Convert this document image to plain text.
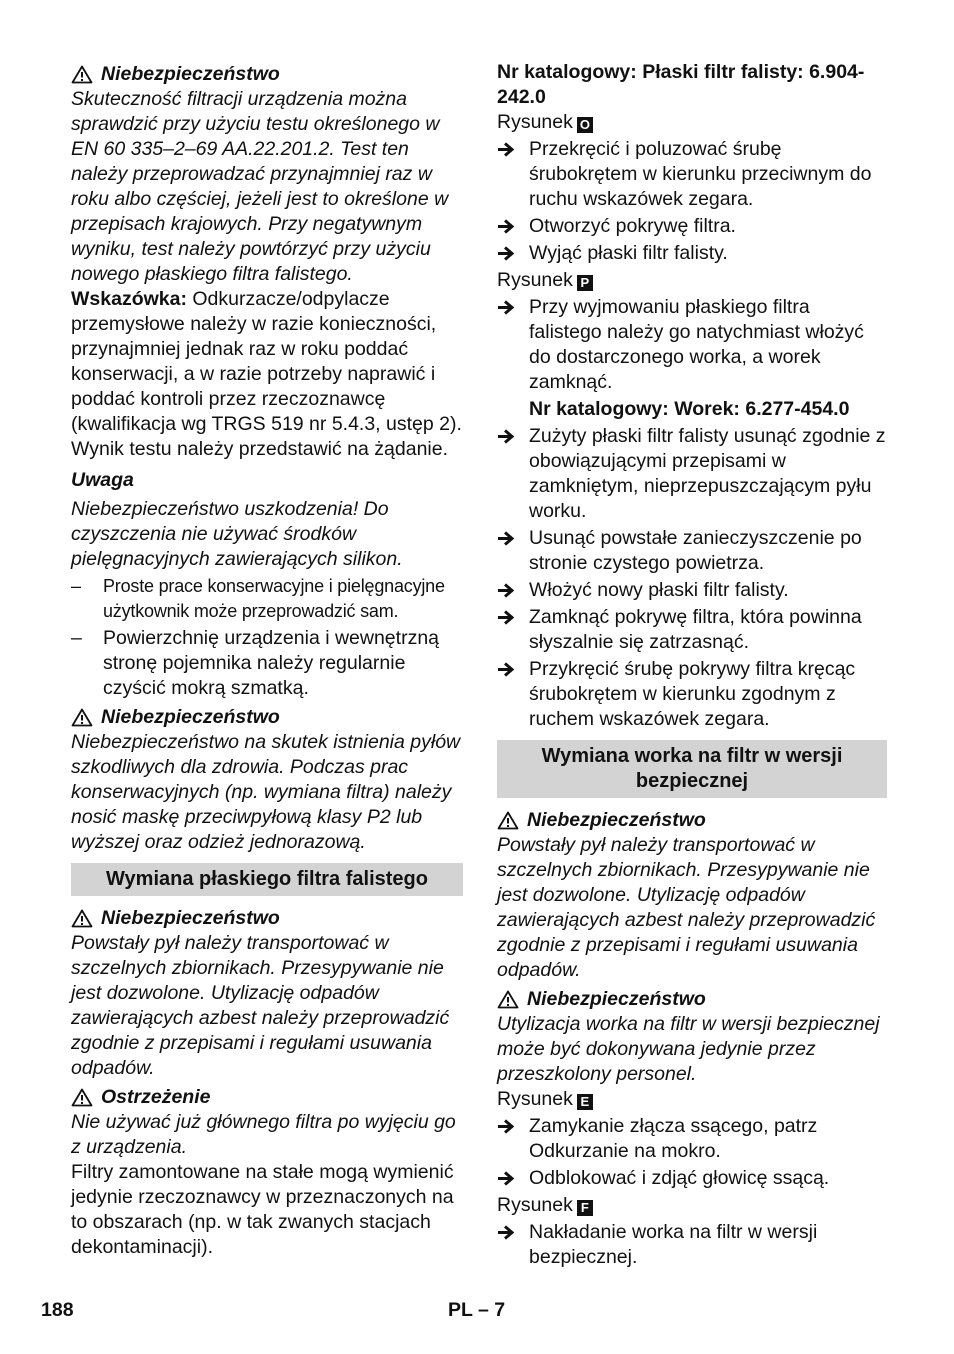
Niebezpieczeństwo

Skuteczność filtracji urządzenia można sprawdzić przy użyciu testu określonego w EN 60 335–2–69 AA.22.201.2. Test ten należy przeprowadzać przynajmniej raz w roku albo częściej, jeżeli jest to określone w przepisach krajowych. Przy negatywnym wyniku, test należy powtórzyć przy użyciu nowego płaskiego filtra falistego.

Wskazówka: Odkurzacze/odpylacze przemysłowe należy w razie konieczności, przynajmniej jednak raz w roku poddać konserwacji, a w razie potrzeby naprawić i poddać kontroli przez rzeczoznawcę (kwalifikacja wg TRGS 519 nr 5.4.3, ustęp 2). Wynik testu należy przedstawić na żądanie.

Uwaga

Niebezpieczeństwo uszkodzenia! Do czyszczenia nie używać środków pielęgnacyjnych zawierających silikon.

– Proste prace konserwacyjne i pielęgnacyjne użytkownik może przeprowadzić sam.
– Powierzchnię urządzenia i wewnętrzną stronę pojemnika należy regularnie czyścić mokrą szmatką.
Niebezpieczeństwo

Niebezpieczeństwo na skutek istnienia pyłów szkodliwych dla zdrowia. Podczas prac konserwacyjnych (np. wymiana filtra) należy nosić maskę przeciwpyłową klasy P2 lub wyższej oraz odzież jednorazową.

Wymiana płaskiego filtra falistego
Niebezpieczeństwo

Powstały pył należy transportować w szczelnych zbiornikach. Przesypywanie nie jest dozwolone. Utylizację odpadów zawierających azbest należy przeprowadzić zgodnie z przepisami i regułami usuwania odpadów.

Ostrzeżenie

Nie używać już głównego filtra po wyjęciu go z urządzenia.

Filtry zamontowane na stałe mogą wymienić jedynie rzeczoznawcy w przeznaczonych na to obszarach (np. w tak zwanych stacjach dekontaminacji).

Nr katalogowy: Płaski filtr falisty: 6.904-242.0

Rysunek O

Przekręcić i poluzować śrubę śrubokrętem w kierunku przeciwnym do ruchu wskazówek zegara.
Otworzyć pokrywę filtra.
Wyjąć płaski filtr falisty.

Rysunek P

Przy wyjmowaniu płaskiego filtra falistego należy go natychmiast włożyć do dostarczonego worka, a worek zamknąć.

Nr katalogowy: Worek: 6.277-454.0

Zużyty płaski filtr falisty usunąć zgodnie z obowiązującymi przepisami w zamkniętym, nieprzepuszczającym pyłu worku.
Usunąć powstałe zanieczyszczenie po stronie czystego powietrza.
Włożyć nowy płaski filtr falisty.
Zamknąć pokrywę filtra, która powinna słyszalnie się zatrzasnąć.
Przykręcić śrubę pokrywy filtra kręcąc śrubokrętem w kierunku zgodnym z ruchem wskazówek zegara.
Wymiana worka na filtr w wersji bezpiecznej
Niebezpieczeństwo

Powstały pył należy transportować w szczelnych zbiornikach. Przesypywanie nie jest dozwolone. Utylizację odpadów zawierających azbest należy przeprowadzić zgodnie z przepisami i regułami usuwania odpadów.

Niebezpieczeństwo

Utylizacja worka na filtr w wersji bezpiecznej może być dokonywana jedynie przez przeszkolony personel.

Rysunek E

Zamykanie złącza ssącego, patrz Odkurzanie na mokro.
Odblokować i zdjąć głowicę ssącą.

Rysunek F

Nakładanie worka na filtr w wersji bezpiecznej.
188	PL – 7
